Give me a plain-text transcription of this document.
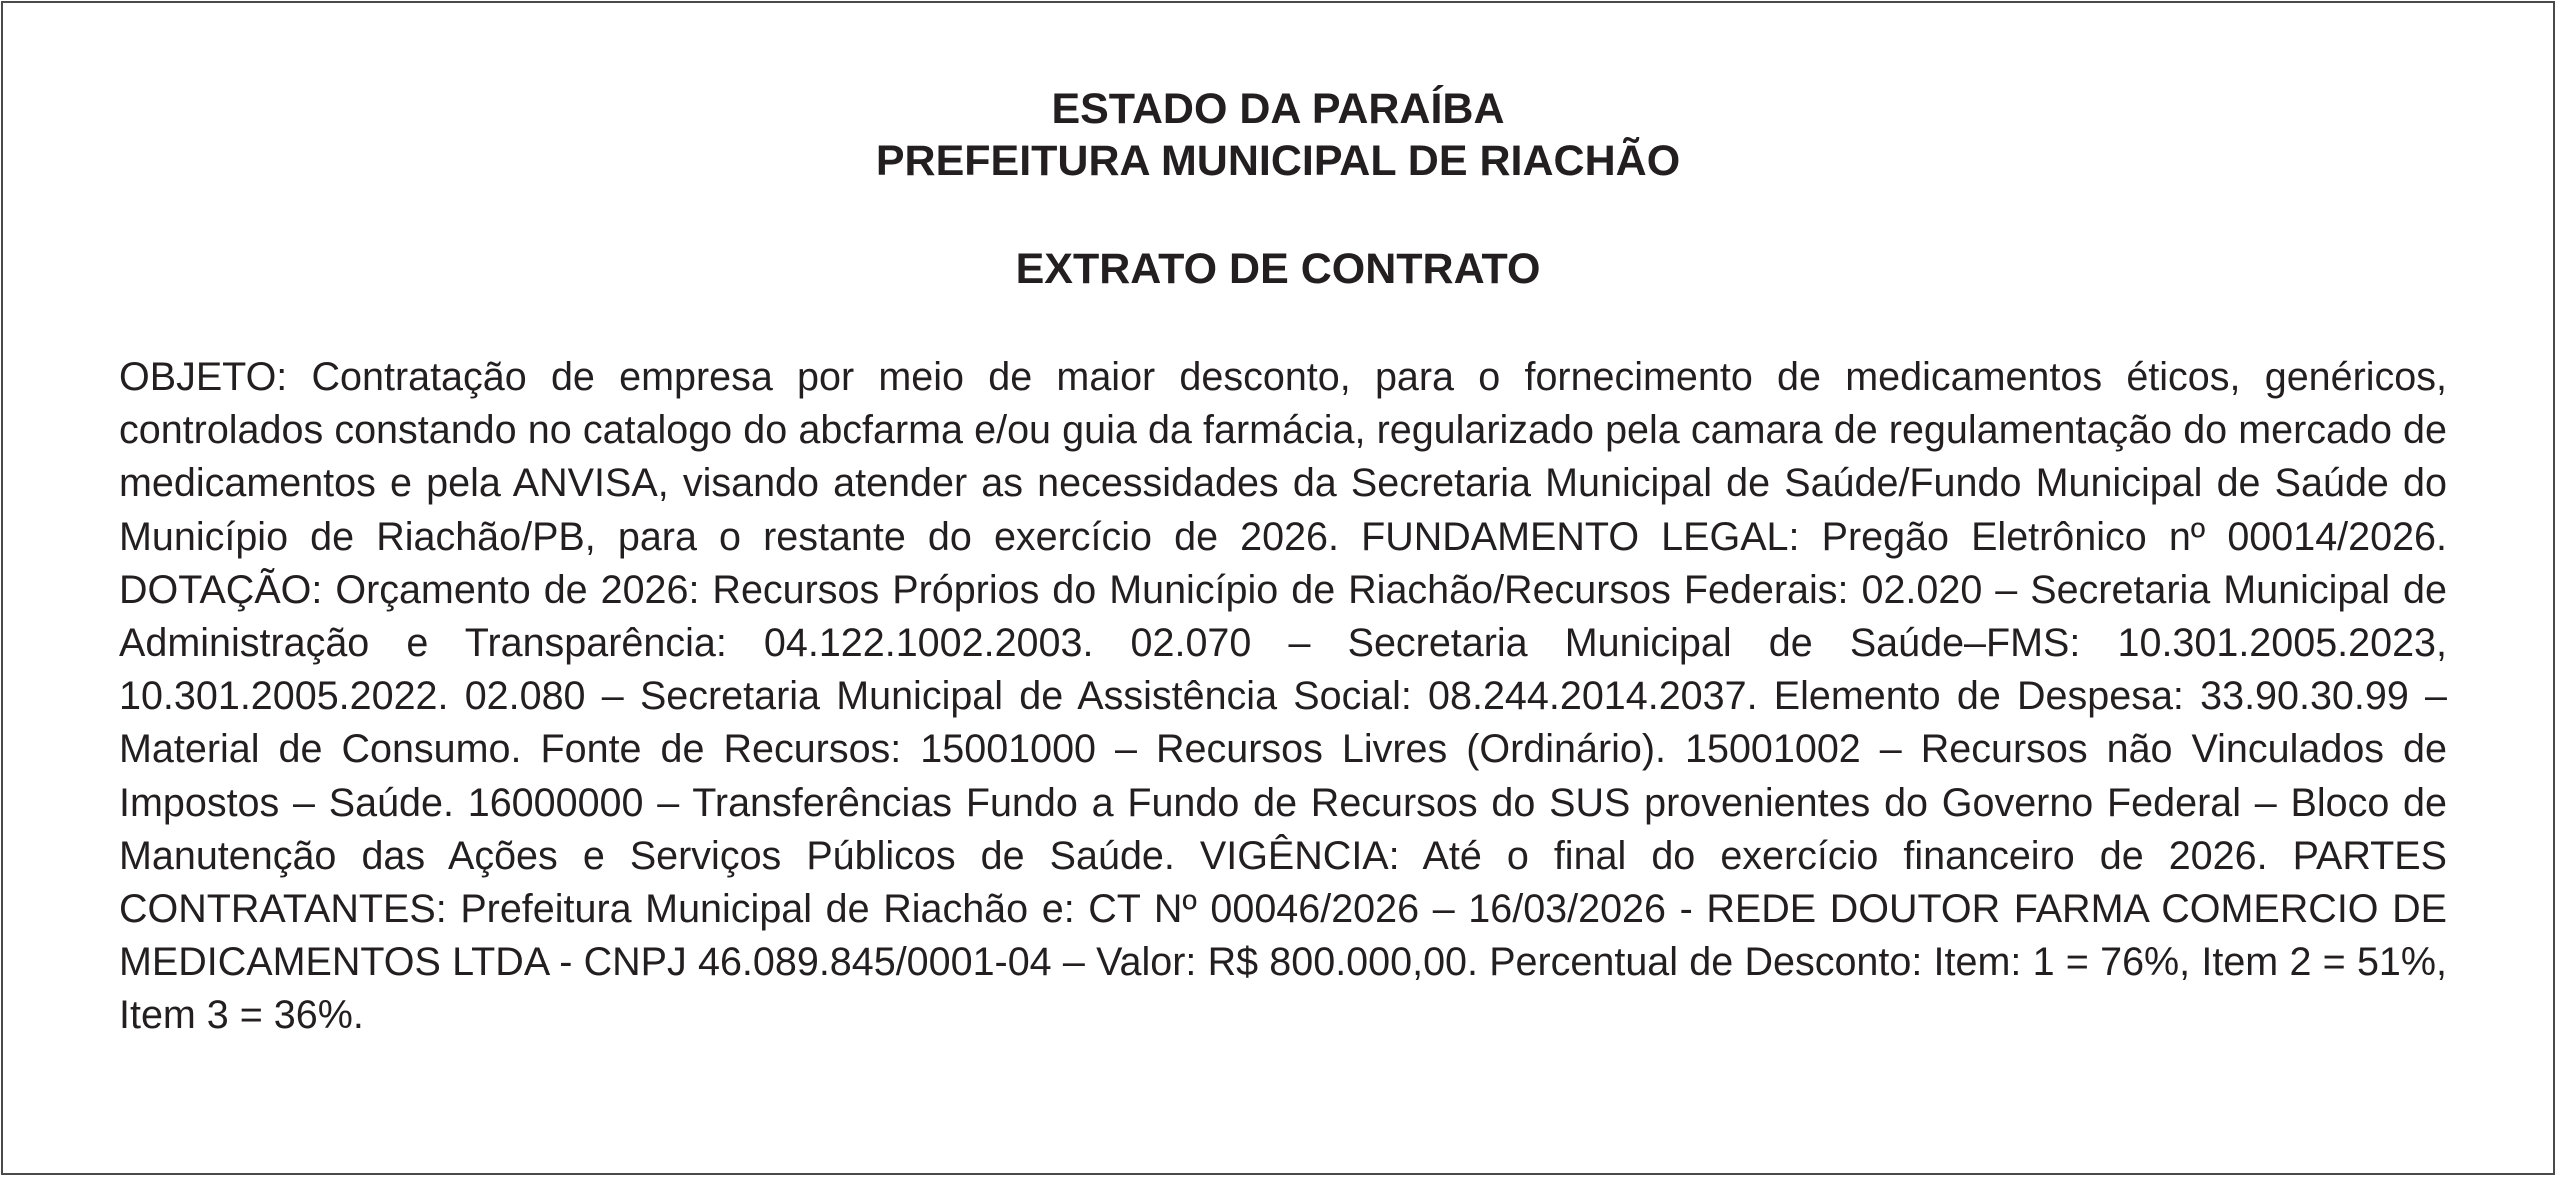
ESTADO DA PARAÍBA
PREFEITURA MUNICIPAL DE RIACHÃO
EXTRATO DE CONTRATO

OBJETO: Contratação de empresa por meio de maior desconto, para o fornecimento de medicamentos éticos, genéricos, controlados constando no catalogo do abcfarma e/ou guia da farmácia, regularizado pela camara de regulamentação do mercado de medicamentos e pela ANVISA, visando atender as necessidades da Secretaria Municipal de Saúde/Fundo Municipal de Saúde do Município de Riachão/PB, para o restante do exercício de 2026. FUNDAMENTO LEGAL: Pregão Eletrônico nº 00014/2026. DOTAÇÃO: Orçamento de 2026: Recursos Próprios do Município de Riachão/Recursos Federais: 02.020 – Secretaria Municipal de Administração e Transparência: 04.122.1002.2003. 02.070 – Secretaria Municipal de Saúde–FMS: 10.301.2005.2023, 10.301.2005.2022. 02.080 – Secretaria Municipal de Assistência Social: 08.244.2014.2037. Elemento de Despesa: 33.90.30.99 – Material de Consumo. Fonte de Recursos: 15001000 – Recursos Livres (Ordinário). 15001002 – Recursos não Vinculados de Impostos – Saúde. 16000000 – Transferências Fundo a Fundo de Recursos do SUS provenientes do Governo Federal – Bloco de Manutenção das Ações e Serviços Públicos de Saúde. VIGÊNCIA: Até o final do exercício financeiro de 2026. PARTES CONTRATANTES: Prefeitura Municipal de Riachão e: CT Nº 00046/2026 – 16/03/2026 - REDE DOUTOR FARMA COMERCIO DE MEDICAMENTOS LTDA - CNPJ 46.089.845/0001-04 – Valor: R$ 800.000,00. Percentual de Desconto: Item: 1 = 76%, Item 2 = 51%, Item 3 = 36%.
